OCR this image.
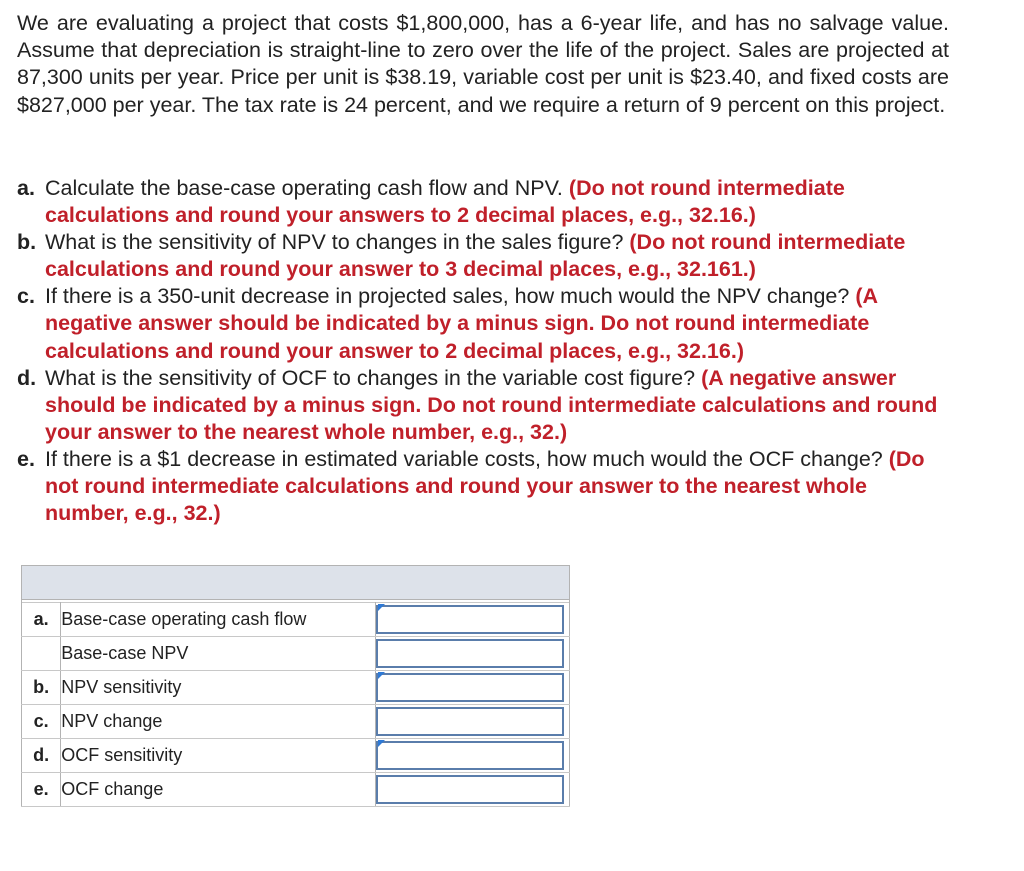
We are evaluating a project that costs $1,800,000, has a 6-year life, and has no salvage value. Assume that depreciation is straight-line to zero over the life of the project. Sales are projected at 87,300 units per year. Price per unit is $38.19, variable cost per unit is $23.40, and fixed costs are $827,000 per year. The tax rate is 24 percent, and we require a return of 9 percent on this project.

a. Calculate the base-case operating cash flow and NPV. (Do not round intermediate calculations and round your answers to 2 decimal places, e.g., 32.16.)
b. What is the sensitivity of NPV to changes in the sales figure? (Do not round intermediate calculations and round your answer to 3 decimal places, e.g., 32.161.)
c. If there is a 350-unit decrease in projected sales, how much would the NPV change? (A negative answer should be indicated by a minus sign. Do not round intermediate calculations and round your answer to 2 decimal places, e.g., 32.16.)
d. What is the sensitivity of OCF to changes in the variable cost figure? (A negative answer should be indicated by a minus sign. Do not round intermediate calculations and round your answer to the nearest whole number, e.g., 32.)
e. If there is a $1 decrease in estimated variable costs, how much would the OCF change? (Do not round intermediate calculations and round your answer to the nearest whole number, e.g., 32.)

a.	Base-case operating cash flow	

	Base-case NPV	

b.	NPV sensitivity	

c.	NPV change	

d.	OCF sensitivity	

e.	OCF change	
